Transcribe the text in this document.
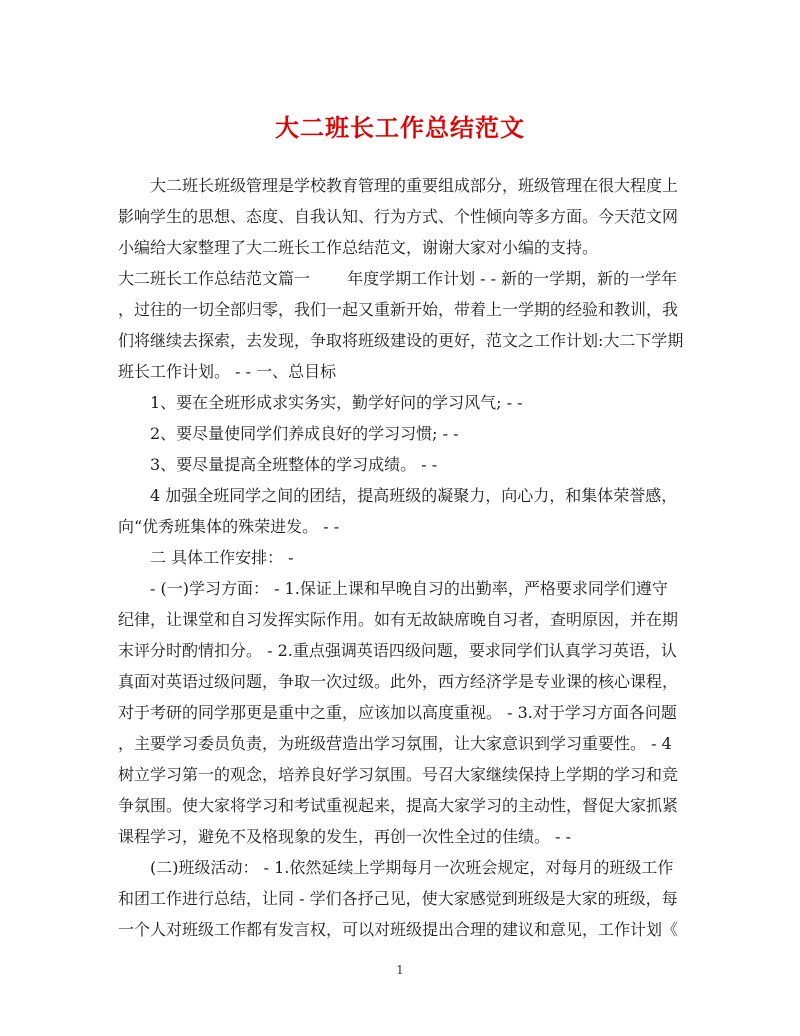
大二班长工作总结范文
　　大二班长班级管理是学校教育管理的重要组成部分，班级管理在很大程度上
影响学生的思想、态度、自我认知、行为方式、个性倾向等多方面。今天范文网
小编给大家整理了大二班长工作总结范文，谢谢大家对小编的支持。
大二班长工作总结范文篇一　　 年度学期工作计划 - - 新的一学期，新的一学年
，过往的一切全部归零，我们一起又重新开始，带着上一学期的经验和教训，我
们将继续去探索，去发现，争取将班级建设的更好，范文之工作计划:大二下学期
班长工作计划。 - - 一、总目标
　　1、要在全班形成求实务实，勤学好问的学习风气; - -
　　2、要尽量使同学们养成良好的学习习惯; - -
　　3、要尽量提高全班整体的学习成绩。 - -
　　4 加强全班同学之间的团结，提高班级的凝聚力，向心力，和集体荣誉感，
向“优秀班集体的殊荣进发。 - -
　　二 具体工作安排： -
　　- (一)学习方面： - 1.保证上课和早晚自习的出勤率，严格要求同学们遵守
纪律，让课堂和自习发挥实际作用。如有无故缺席晚自习者，查明原因，并在期
末评分时酌情扣分。 - 2.重点强调英语四级问题，要求同学们认真学习英语，认
真面对英语过级问题，争取一次过级。此外，西方经济学是专业课的核心课程，
对于考研的同学那更是重中之重，应该加以高度重视。 - 3.对于学习方面各问题
，主要学习委员负责，为班级营造出学习氛围，让大家意识到学习重要性。 - 4
树立学习第一的观念，培养良好学习氛围。号召大家继续保持上学期的学习和竞
争氛围。使大家将学习和考试重视起来，提高大家学习的主动性，督促大家抓紧
课程学习，避免不及格现象的发生，再创一次性全过的佳绩。 - -
　　(二)班级活动： - 1.依然延续上学期每月一次班会规定，对每月的班级工作
和团工作进行总结，让同 - 学们各抒己见，使大家感觉到班级是大家的班级，每
一个人对班级工作都有发言权，可以对班级提出合理的建议和意见，工作计划《
1
